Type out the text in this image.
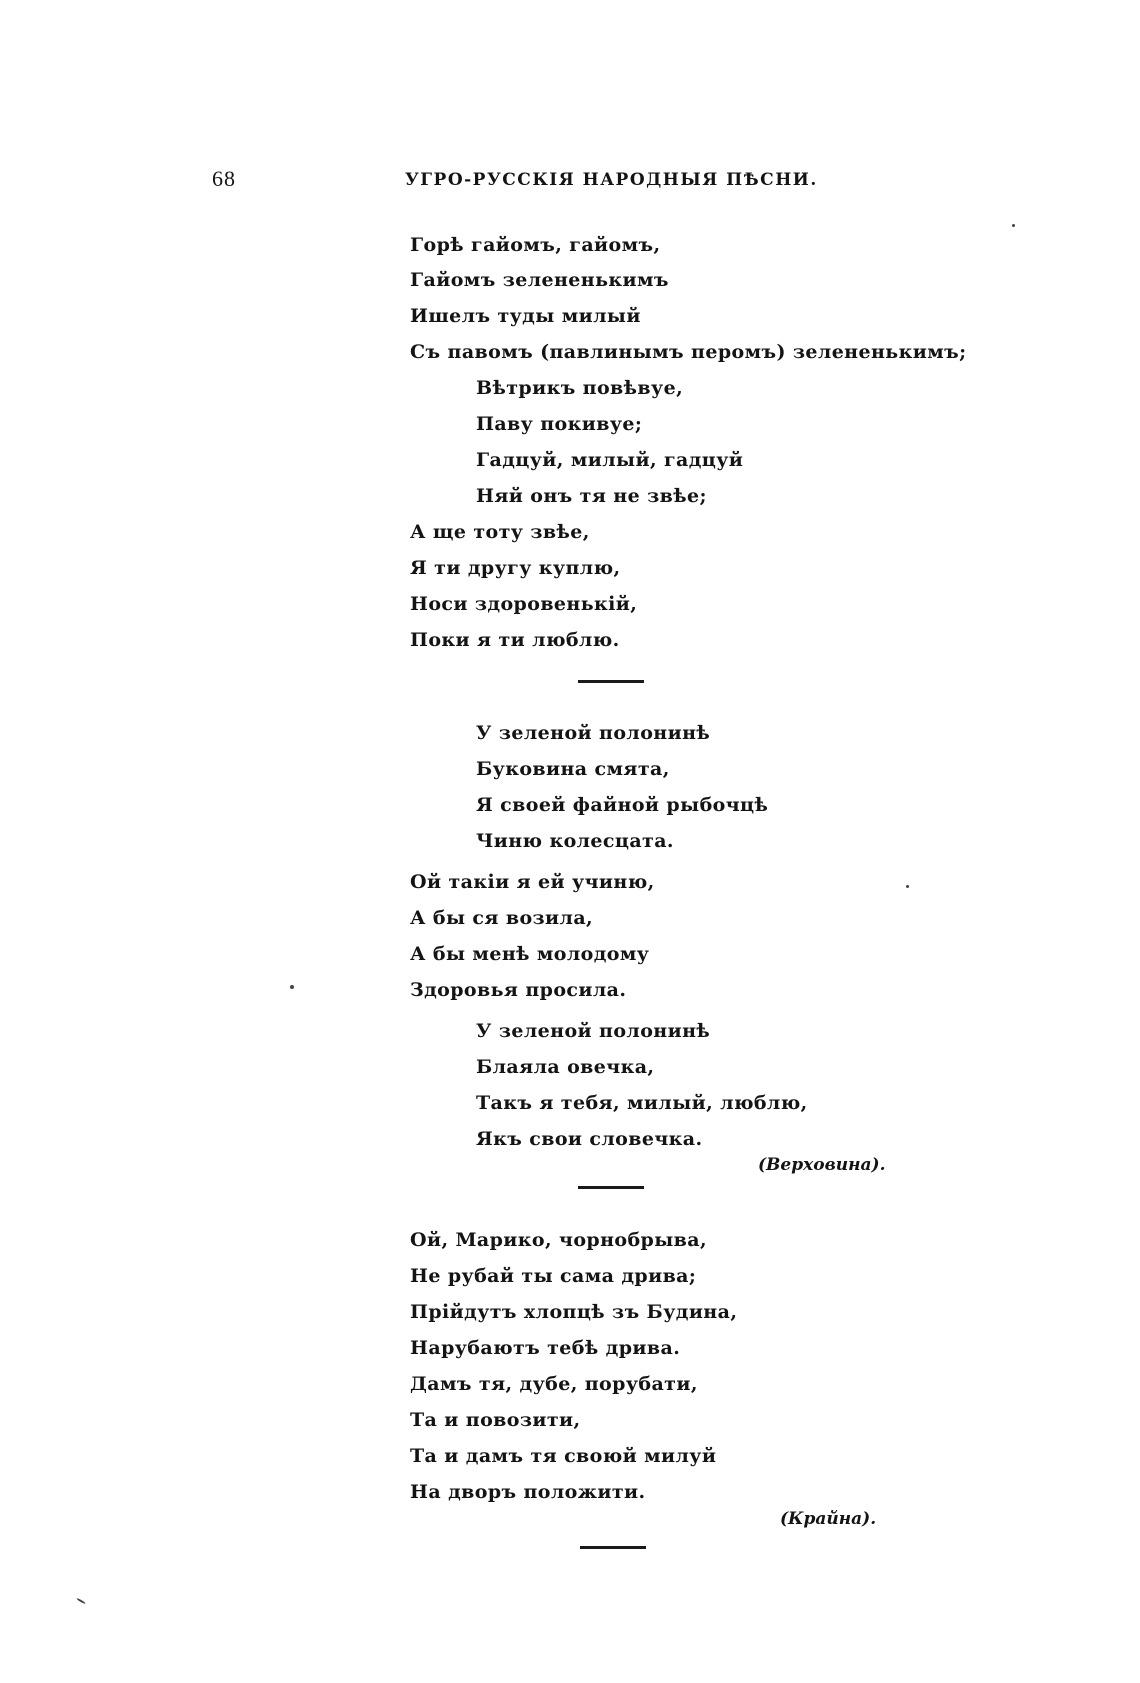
68	УГРО-РУССКІЯ НАРОДНЫЯ ПѢСНИ.
Горѣ гайомъ, гайомъ,
Гайомъ зелененькимъ
Ишелъ туды милый
Съ павомъ (павлинымъ перомъ) зелененькимъ;
Вѣтрикъ повѣвуе,
Паву покивуе;
Гадцуй, милый, гадцуй
Няй онъ тя не звѣе;
А ще тоту звѣе,
Я ти другу куплю,
Носи здоровенькій,
Поки я ти люблю.
У зеленой полонинѣ
Буковина смята,
Я своей файной рыбочцѣ
Чиню колесцата.
Ой такіи я ей учиню,
А бы ся возила,
А бы менѣ молодому
Здоровья просила.
У зеленой полонинѣ
Блаяла овечка,
Такъ я тебя, милый, люблю,
Якъ свои словечка.
(Верховина).
Ой, Марико, чорнобрыва,
Не рубай ты сама дрива;
Прійдутъ хлопцѣ зъ Будина,
Нарубаютъ тебѣ дрива.
Дамъ тя, дубе, порубати,
Та и повозити,
Та и дамъ тя своюй милуй
На дворъ положити.
(Крайна).
